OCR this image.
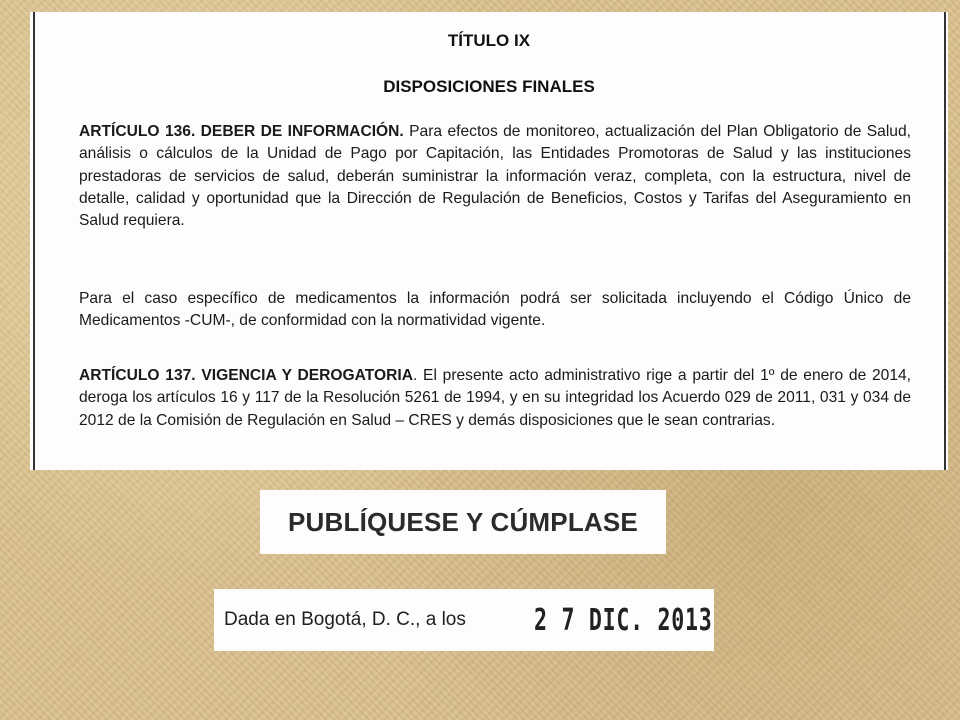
TÍTULO IX
DISPOSICIONES FINALES

ARTÍCULO 136. DEBER DE INFORMACIÓN. Para efectos de monitoreo, actualización del Plan Obligatorio de Salud, análisis o cálculos de la Unidad de Pago por Capitación, las Entidades Promotoras de Salud y las instituciones prestadoras de servicios de salud, deberán suministrar la información veraz, completa, con la estructura, nivel de detalle, calidad y oportunidad que la Dirección de Regulación de Beneficios, Costos y Tarifas del Aseguramiento en Salud requiera.

Para el caso específico de medicamentos la información podrá ser solicitada incluyendo el Código Único de Medicamentos -CUM-, de conformidad con la normatividad vigente.

ARTÍCULO 137. VIGENCIA Y DEROGATORIA. El presente acto administrativo rige a partir del 1º de enero de 2014, deroga los artículos 16 y 117 de la Resolución 5261 de 1994, y en su integridad los Acuerdo 029 de 2011, 031 y 034 de 2012 de la Comisión de Regulación en Salud – CRES y demás disposiciones que le sean contrarias.

PUBLÍQUESE Y CÚMPLASE
Dada en Bogotá, D. C., a los 2 7 DIC. 2013
